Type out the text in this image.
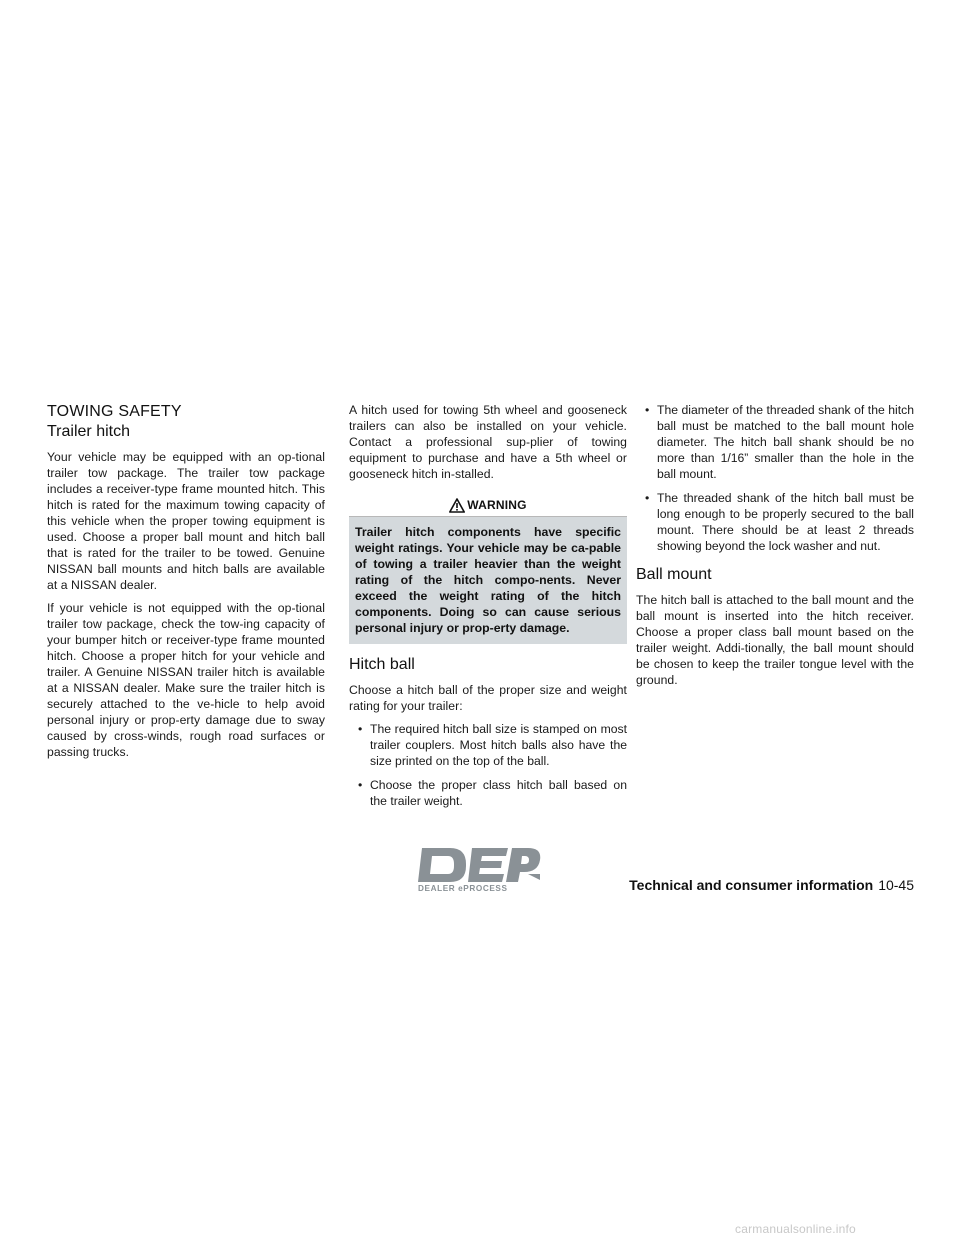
TOWING SAFETY
Trailer hitch

Your vehicle may be equipped with an op-tional trailer tow package. The trailer tow package includes a receiver-type frame mounted hitch. This hitch is rated for the maximum towing capacity of this vehicle when the proper towing equipment is used. Choose a proper ball mount and hitch ball that is rated for the trailer to be towed. Genuine NISSAN ball mounts and hitch balls are available at a NISSAN dealer.

If your vehicle is not equipped with the op-tional trailer tow package, check the tow-ing capacity of your bumper hitch or receiver-type frame mounted hitch. Choose a proper hitch for your vehicle and trailer. A Genuine NISSAN trailer hitch is available at a NISSAN dealer. Make sure the trailer hitch is securely attached to the ve-hicle to help avoid personal injury or prop-erty damage due to sway caused by cross-winds, rough road surfaces or passing trucks.

A hitch used for towing 5th wheel and gooseneck trailers can also be installed on your vehicle. Contact a professional sup-plier of towing equipment to purchase and have a 5th wheel or gooseneck hitch in-stalled.

WARNING
Trailer hitch components have specific weight ratings. Your vehicle may be ca-pable of towing a trailer heavier than the weight rating of the hitch compo-nents. Never exceed the weight rating of the hitch components. Doing so can cause serious personal injury or prop-erty damage.
Hitch ball

Choose a hitch ball of the proper size and weight rating for your trailer:

• The required hitch ball size is stamped on most trailer couplers. Most hitch balls also have the size printed on the top of the ball.
• Choose the proper class hitch ball based on the trailer weight.
• The diameter of the threaded shank of the hitch ball must be matched to the ball mount hole diameter. The hitch ball shank should be no more than 1/16” smaller than the hole in the ball mount.
• The threaded shank of the hitch ball must be long enough to be properly secured to the ball mount. There should be at least 2 threads showing beyond the lock washer and nut.
Ball mount

The hitch ball is attached to the ball mount and the ball mount is inserted into the hitch receiver. Choose a proper class ball mount based on the trailer weight. Addi-tionally, the ball mount should be chosen to keep the trailer tongue level with the ground.

DEALER ePROCESS	Technical and consumer information 10-45
carmanualsonline.info
